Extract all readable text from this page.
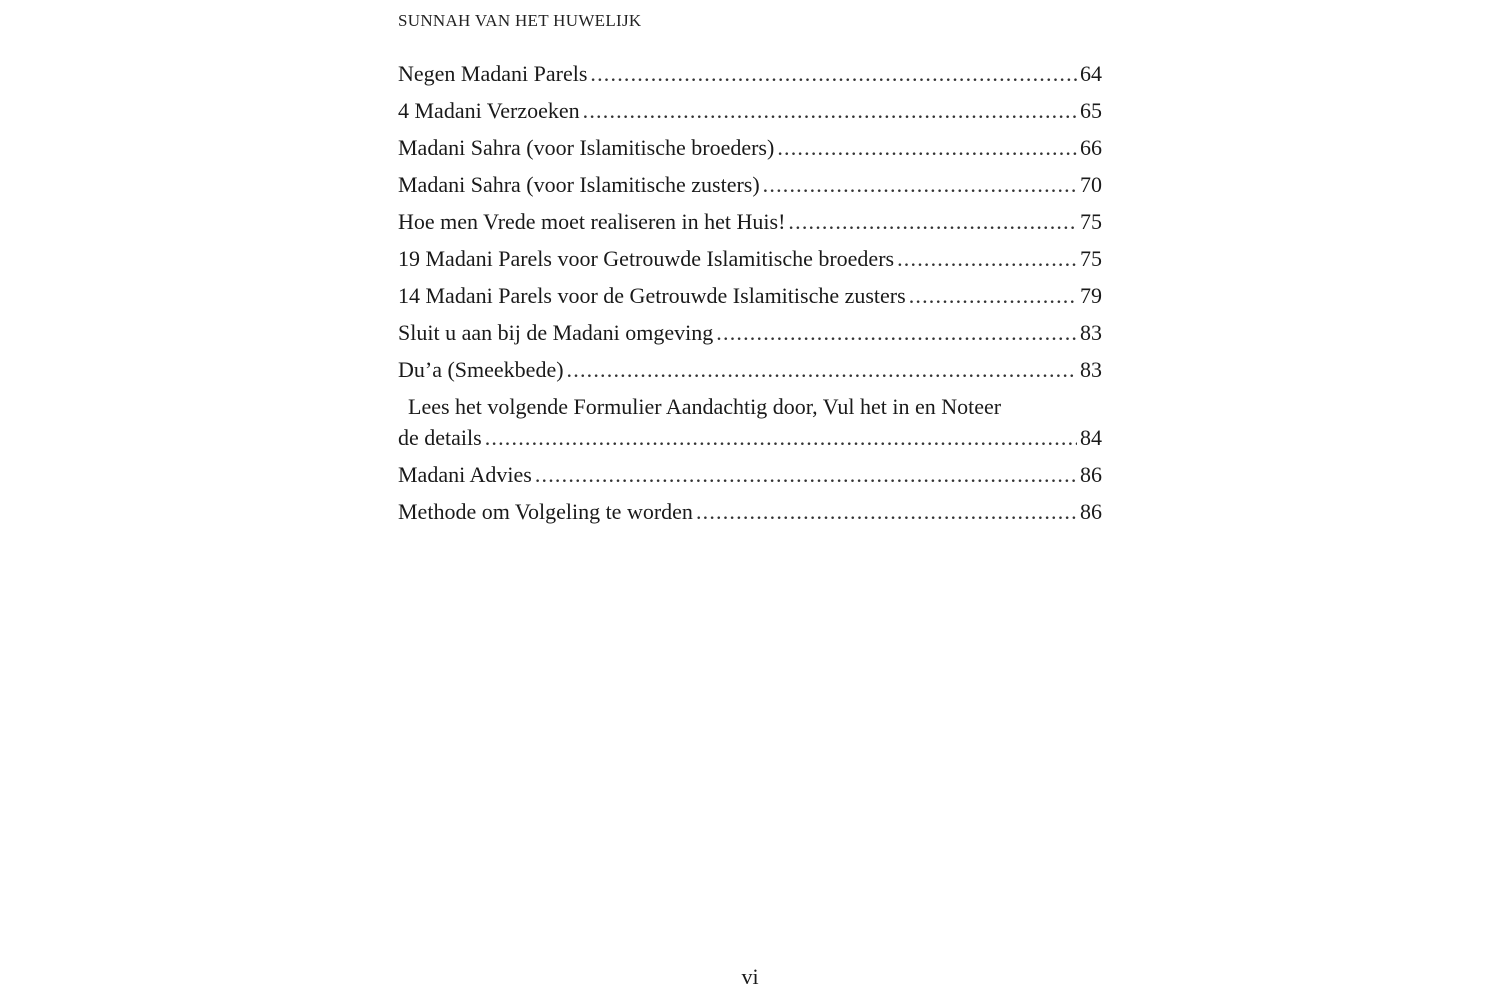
SUNNAH VAN HET HUWELIJK
Negen Madani Parels .....	64
4 Madani Verzoeken .....	65
Madani Sahra (voor Islamitische broeders) .....	66
Madani Sahra (voor Islamitische zusters) .....	70
Hoe men Vrede moet realiseren in het Huis! .....	75
19 Madani Parels voor Getrouwde Islamitische broeders .....	75
14 Madani Parels voor de Getrouwde Islamitische zusters .....	79
Sluit u aan bij de Madani omgeving .....	83
Du’a (Smeekbede) .....	83
Lees het volgende Formulier Aandachtig door, Vul het in en Noteer
de details .....	84
Madani Advies .....	86
Methode om Volgeling te worden .....	86
vi
